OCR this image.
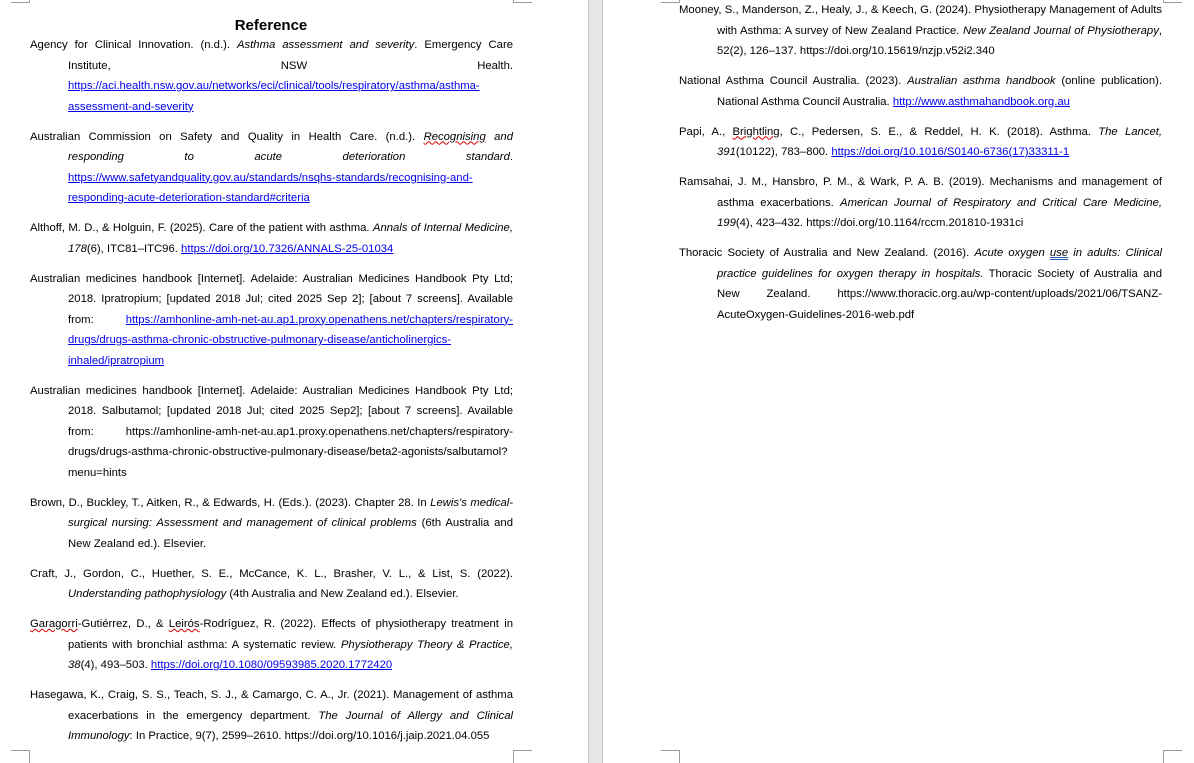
Reference

Agency for Clinical Innovation. (n.d.). Asthma assessment and severity. Emergency Care Institute, NSW Health. https://aci.health.nsw.gov.au/networks/eci/clinical/tools/respiratory/asthma/asthma-assessment-and-severity

Australian Commission on Safety and Quality in Health Care. (n.d.). Recognising and responding to acute deterioration standard. https://www.safetyandquality.gov.au/standards/nsqhs-standards/recognising-and-responding-acute-deterioration-standard#criteria

Althoff, M. D., & Holguin, F. (2025). Care of the patient with asthma. Annals of Internal Medicine, 178(6), ITC81–ITC96. https://doi.org/10.7326/ANNALS-25-01034

Australian medicines handbook [Internet]. Adelaide: Australian Medicines Handbook Pty Ltd; 2018. Ipratropium; [updated 2018 Jul; cited 2025 Sep 2]; [about 7 screens]. Available from: https://amhonline-amh-net-au.ap1.proxy.openathens.net/chapters/respiratory-drugs/drugs-asthma-chronic-obstructive-pulmonary-disease/anticholinergics-inhaled/ipratropium

Australian medicines handbook [Internet]. Adelaide: Australian Medicines Handbook Pty Ltd; 2018. Salbutamol; [updated 2018 Jul; cited 2025 Sep2]; [about 7 screens]. Available from: https://amhonline-amh-net-au.ap1.proxy.openathens.net/chapters/respiratory-drugs/drugs-asthma-chronic-obstructive-pulmonary-disease/beta2-agonists/salbutamol?menu=hints

Brown, D., Buckley, T., Aitken, R., & Edwards, H. (Eds.). (2023). Chapter 28. In Lewis's medical-surgical nursing: Assessment and management of clinical problems (6th Australia and New Zealand ed.). Elsevier.

Craft, J., Gordon, C., Huether, S. E., McCance, K. L., Brasher, V. L., & List, S. (2022). Understanding pathophysiology (4th Australia and New Zealand ed.). Elsevier.

Garagorri-Gutiérrez, D., & Leirós-Rodríguez, R. (2022). Effects of physiotherapy treatment in patients with bronchial asthma: A systematic review. Physiotherapy Theory & Practice, 38(4), 493–503. https://doi.org/10.1080/09593985.2020.1772420

Hasegawa, K., Craig, S. S., Teach, S. J., & Camargo, C. A., Jr. (2021). Management of asthma exacerbations in the emergency department. The Journal of Allergy and Clinical Immunology: In Practice, 9(7), 2599–2610. https://doi.org/10.1016/j.jaip.2021.04.055

Mooney, S., Manderson, Z., Healy, J., & Keech, G. (2024). Physiotherapy Management of Adults with Asthma: A survey of New Zealand Practice. New Zealand Journal of Physiotherapy, 52(2), 126–137. https://doi.org/10.15619/nzjp.v52i2.340

National Asthma Council Australia. (2023). Australian asthma handbook (online publication). National Asthma Council Australia. http://www.asthmahandbook.org.au

Papi, A., Brightling, C., Pedersen, S. E., & Reddel, H. K. (2018). Asthma. The Lancet, 391(10122), 783–800. https://doi.org/10.1016/S0140-6736(17)33311-1

Ramsahai, J. M., Hansbro, P. M., & Wark, P. A. B. (2019). Mechanisms and management of asthma exacerbations. American Journal of Respiratory and Critical Care Medicine, 199(4), 423–432. https://doi.org/10.1164/rccm.201810-1931ci

Thoracic Society of Australia and New Zealand. (2016). Acute oxygen use in adults: Clinical practice guidelines for oxygen therapy in hospitals. Thoracic Society of Australia and New Zealand. https://www.thoracic.org.au/wp-content/uploads/2021/06/TSANZ-AcuteOxygen-Guidelines-2016-web.pdf
